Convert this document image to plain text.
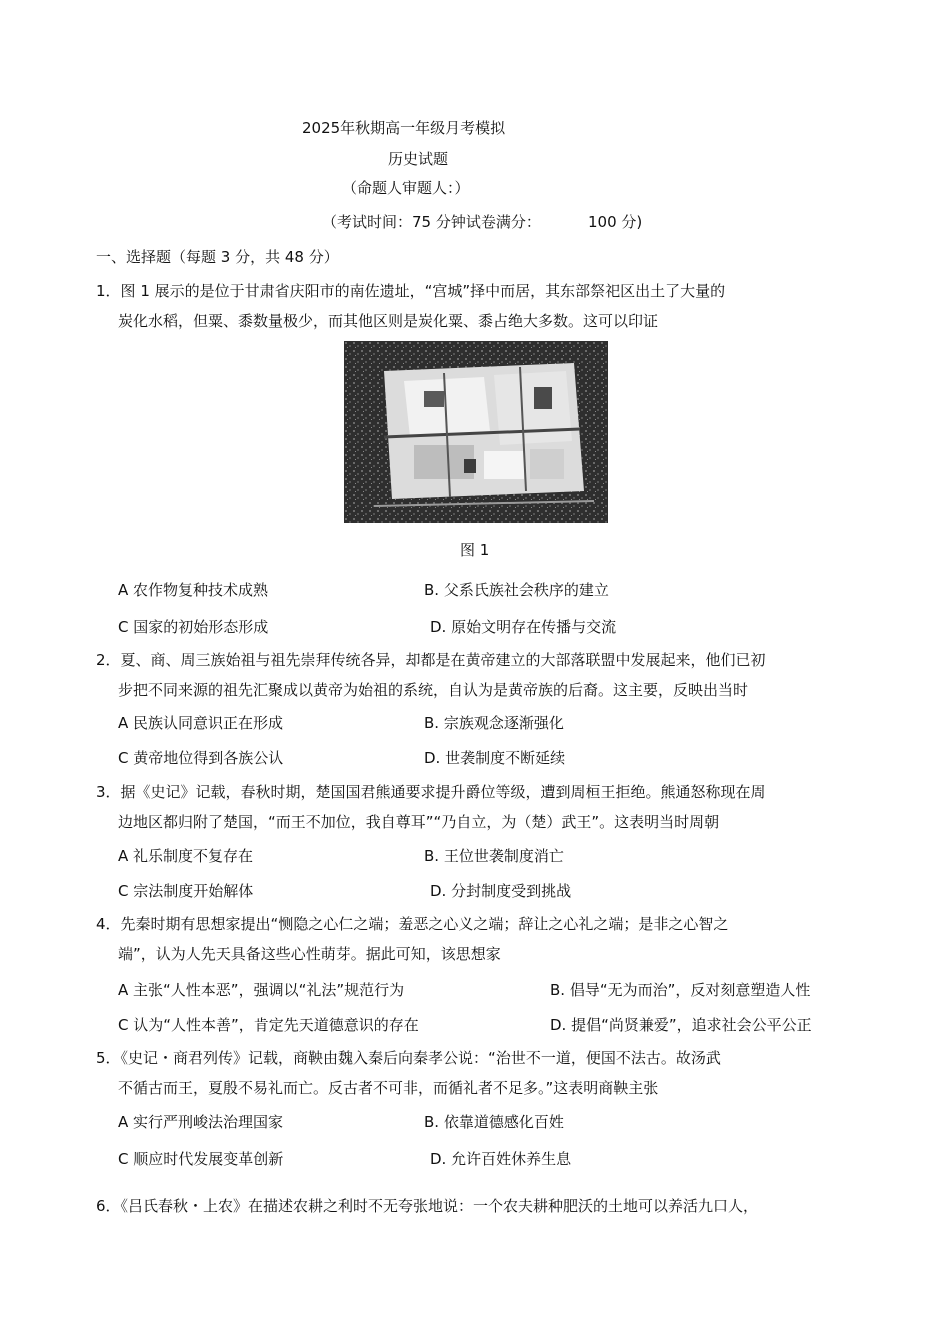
2025年秋期高一年级月考模拟
历史试题
（命题人审题人：）
（考试时间：75 分钟试卷满分：	100 分)
一、选择题（每题 3 分，共 48 分）
1．图 1 展示的是位于甘肃省庆阳市的南佐遗址，“宫城”择中而居，其东部祭祀区出土了大量的
炭化水稻，但粟、黍数量极少，而其他区则是炭化粟、黍占绝大多数。这可以印证
图 1
A 农作物复种技术成熟	B. 父系氏族社会秩序的建立
C 国家的初始形态形成	D. 原始文明存在传播与交流
2．夏、商、周三族始祖与祖先崇拜传统各异，却都是在黄帝建立的大部落联盟中发展起来，他们已初
步把不同来源的祖先汇聚成以黄帝为始祖的系统，自认为是黄帝族的后裔。这主要，反映出当时
A 民族认同意识正在形成	B. 宗族观念逐渐强化
C 黄帝地位得到各族公认	D. 世袭制度不断延续
3．据《史记》记载，春秋时期，楚国国君熊通要求提升爵位等级，遭到周桓王拒绝。熊通怒称现在周
边地区都归附了楚国，“而王不加位，我自尊耳”“乃自立，为（楚）武王”。这表明当时周朝
A 礼乐制度不复存在	B. 王位世袭制度消亡
C 宗法制度开始解体	D. 分封制度受到挑战
4．先秦时期有思想家提出“恻隐之心仁之端；羞恶之心义之端；辞让之心礼之端；是非之心智之
端”，认为人先天具备这些心性萌芽。据此可知，该思想家
A 主张“人性本恶”，强调以“礼法”规范行为	B. 倡导“无为而治”，反对刻意塑造人性
C 认为“人性本善”，肯定先天道德意识的存在	D. 提倡“尚贤兼爱”，追求社会公平公正
5．《史记・商君列传》记载，商鞅由魏入秦后向秦孝公说：“治世不一道，便国不法古。故汤武
不循古而王，夏殷不易礼而亡。反古者不可非，而循礼者不足多。”这表明商鞅主张
A 实行严刑峻法治理国家	B. 依靠道德感化百姓
C 顺应时代发展变革创新	D. 允许百姓休养生息
6．《吕氏春秋・上农》在描述农耕之利时不无夸张地说：一个农夫耕种肥沃的土地可以养活九口人，
